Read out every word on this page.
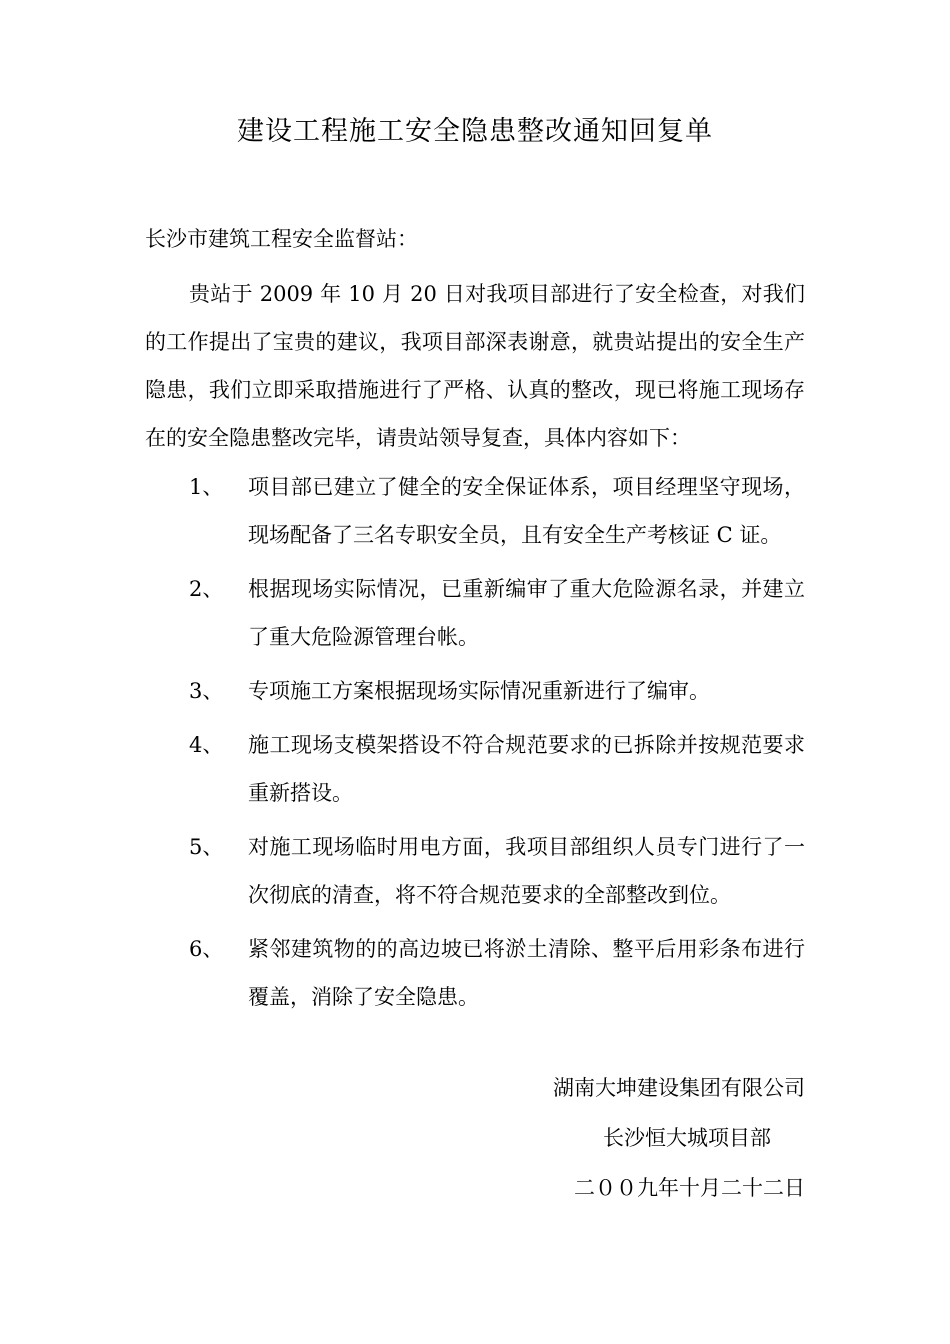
建设工程施工安全隐患整改通知回复单
长沙市建筑工程安全监督站：
贵站于 2009 年 10 月 20 日对我项目部进行了安全检查，对我们的工作提出了宝贵的建议，我项目部深表谢意，就贵站提出的安全生产隐患，我们立即采取措施进行了严格、认真的整改，现已将施工现场存在的安全隐患整改完毕，请贵站领导复查，具体内容如下：
1、	项目部已建立了健全的安全保证体系，项目经理坚守现场，现场配备了三名专职安全员，且有安全生产考核证 C 证。
2、	根据现场实际情况，已重新编审了重大危险源名录，并建立了重大危险源管理台帐。
3、	专项施工方案根据现场实际情况重新进行了编审。
4、	施工现场支模架搭设不符合规范要求的已拆除并按规范要求重新搭设。
5、	对施工现场临时用电方面，我项目部组织人员专门进行了一次彻底的清查，将不符合规范要求的全部整改到位。
6、	紧邻建筑物的的高边坡已将淤土清除、整平后用彩条布进行覆盖，消除了安全隐患。
湖南大坤建设集团有限公司
长沙恒大城项目部
二００九年十月二十二日
